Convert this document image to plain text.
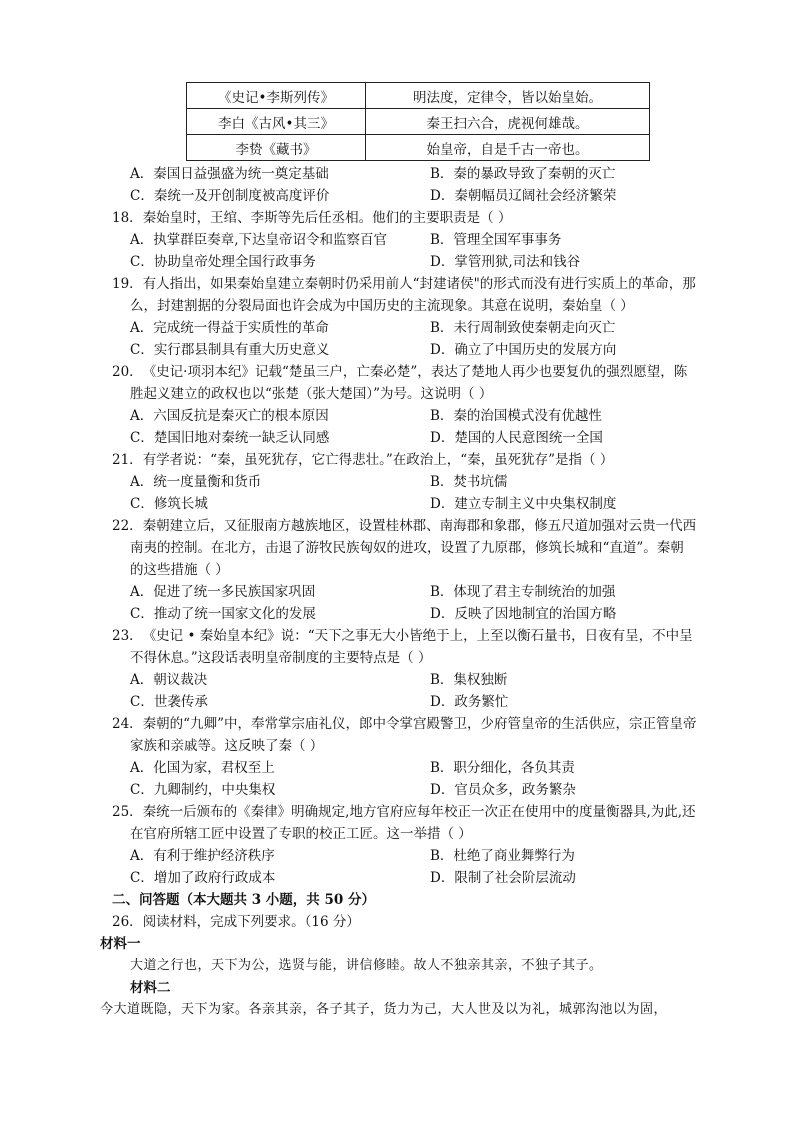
《史记•李斯列传》	明法度，定律令，皆以始皇始。
李白《古风•其三》	秦王扫六合，虎视何雄哉。
李贽《藏书》	始皇帝，自是千古一帝也。
A．秦国日益强盛为统一奠定基础	B．秦的暴政导致了秦朝的灭亡
C．秦统一及开创制度被高度评价	D．秦朝幅员辽阔社会经济繁荣
18．秦始皇时，王绾、李斯等先后任丞相。他们的主要职责是（ ）
A．执掌群臣奏章,下达皇帝诏令和监察百官	B．管理全国军事事务
C．协助皇帝处理全国行政事务	D．掌管刑狱,司法和钱谷
19．有人指出，如果秦始皇建立秦朝时仍采用前人“封建诸侯"的形式而没有进行实质上的革命，那
么，封建割据的分裂局面也许会成为中国历史的主流现象。其意在说明，秦始皇（ ）
A．完成统一得益于实质性的革命	B．未行周制致使秦朝走向灭亡
C．实行郡县制具有重大历史意义	D．确立了中国历史的发展方向
20．《史记·项羽本纪》记载“楚虽三户，亡秦必楚”，表达了楚地人再少也要复仇的强烈愿望，陈
胜起义建立的政权也以“张楚（张大楚国）”为号。这说明（ ）
A．六国反抗是秦灭亡的根本原因	B．秦的治国模式没有优越性
C．楚国旧地对秦统一缺乏认同感	D．楚国的人民意图统一全国
21．有学者说：“秦，虽死犹存，它亡得悲壮。”在政治上，“秦，虽死犹存”是指（ ）
A．统一度量衡和货币	B．焚书坑儒
C．修筑长城	D．建立专制主义中央集权制度
22．秦朝建立后，又征服南方越族地区，设置桂林郡、南海郡和象郡，修五尺道加强对云贵一代西
南夷的控制。在北方，击退了游牧民族匈奴的进攻，设置了九原郡，修筑长城和“直道”。秦朝
的这些措施（ ）
A．促进了统一多民族国家巩固	B．体现了君主专制统治的加强
C．推动了统一国家文化的发展	D．反映了因地制宜的治国方略
23．《史记 • 秦始皇本纪》说：“天下之事无大小皆绝于上，上至以衡石量书，日夜有呈，不中呈
不得休息。”这段话表明皇帝制度的主要特点是（ ）
A．朝议裁决	B．集权独断
C．世袭传承	D．政务繁忙
24．秦朝的“九卿”中，奉常掌宗庙礼仪，郎中令掌宫殿警卫，少府管皇帝的生活供应，宗正管皇帝
家族和亲戚等。这反映了秦（ ）
A．化国为家，君权至上	B．职分细化，各负其责
C．九卿制约，中央集权	D．官员众多，政务繁杂
25．秦统一后颁布的《秦律》明确规定,地方官府应每年校正一次正在使用中的度量衡器具,为此,还
在官府所辖工匠中设置了专职的校正工匠。这一举措（ ）
A．有利于维护经济秩序	B．杜绝了商业舞弊行为
C．增加了政府行政成本	D．限制了社会阶层流动
二、问答题（本大题共 3 小题，共 50 分）
26．阅读材料，完成下列要求。（16 分）
材料一
大道之行也，天下为公，选贤与能，讲信修睦。故人不独亲其亲，不独子其子。
材料二
今大道既隐，天下为家。各亲其亲，各子其子，货力为己，大人世及以为礼，城郭沟池以为固，
